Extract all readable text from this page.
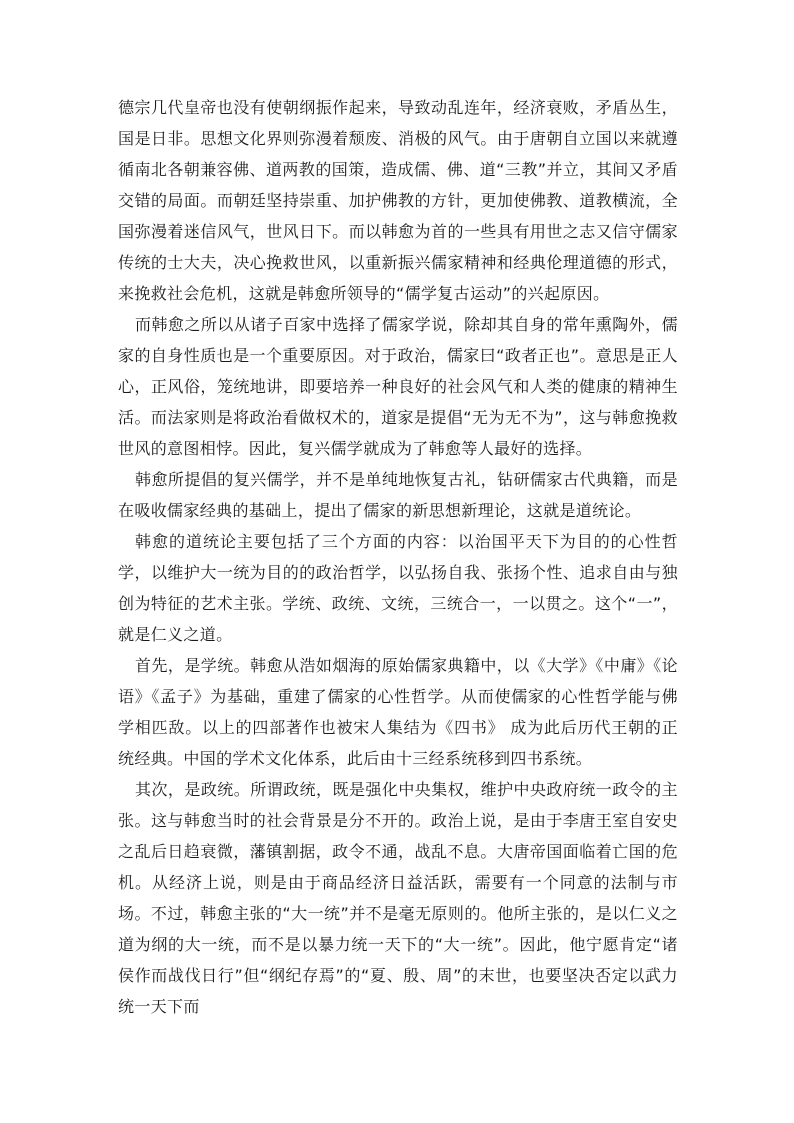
德宗几代皇帝也没有使朝纲振作起来，导致动乱连年，经济衰败，矛盾丛生，国是日非。思想文化界则弥漫着颓废、消极的风气。由于唐朝自立国以来就遵循南北各朝兼容佛、道两教的国策，造成儒、佛、道“三教”并立，其间又矛盾交错的局面。而朝廷坚持崇重、加护佛教的方针，更加使佛教、道教横流，全国弥漫着迷信风气，世风日下。而以韩愈为首的一些具有用世之志又信守儒家传统的士大夫，决心挽救世风，以重新振兴儒家精神和经典伦理道德的形式，来挽救社会危机，这就是韩愈所领导的“儒学复古运动”的兴起原因。

而韩愈之所以从诸子百家中选择了儒家学说，除却其自身的常年熏陶外，儒家的自身性质也是一个重要原因。对于政治，儒家曰“政者正也”。意思是正人心，正风俗，笼统地讲，即要培养一种良好的社会风气和人类的健康的精神生活。而法家则是将政治看做权术的，道家是提倡“无为无不为”，这与韩愈挽救世风的意图相悖。因此，复兴儒学就成为了韩愈等人最好的选择。

韩愈所提倡的复兴儒学，并不是单纯地恢复古礼，钻研儒家古代典籍，而是在吸收儒家经典的基础上，提出了儒家的新思想新理论，这就是道统论。

韩愈的道统论主要包括了三个方面的内容：以治国平天下为目的的心性哲学，以维护大一统为目的的政治哲学，以弘扬自我、张扬个性、追求自由与独创为特征的艺术主张。学统、政统、文统，三统合一，一以贯之。这个“一”，就是仁义之道。

首先，是学统。韩愈从浩如烟海的原始儒家典籍中，以《大学》《中庸》《论语》《孟子》为基础，重建了儒家的心性哲学。从而使儒家的心性哲学能与佛学相匹敌。以上的四部著作也被宋人集结为《四书》 成为此后历代王朝的正统经典。中国的学术文化体系，此后由十三经系统移到四书系统。

其次，是政统。所谓政统，既是强化中央集权，维护中央政府统一政令的主张。这与韩愈当时的社会背景是分不开的。政治上说，是由于李唐王室自安史之乱后日趋衰微，藩镇割据，政令不通，战乱不息。大唐帝国面临着亡国的危机。从经济上说，则是由于商品经济日益活跃，需要有一个同意的法制与市场。不过，韩愈主张的“大一统”并不是毫无原则的。他所主张的，是以仁义之道为纲的大一统，而不是以暴力统一天下的“大一统”。因此，他宁愿肯定“诸侯作而战伐日行”但“纲纪存焉”的“夏、殷、周”的末世，也要坚决否定以武力统一天下而
